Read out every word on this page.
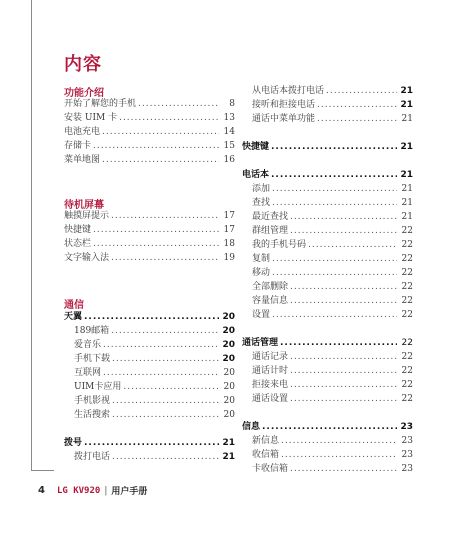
内容
功能介绍
开始了解您的手机 .....	8
安装 UIM 卡 .....	13
电池充电 .....	14
存储卡 .....	15
菜单地图 .....	16
待机屏幕
触摸屏提示 .....	17
快捷键 .....	17
状态栏 .....	18
文字输入法 .....	19
通信
天翼 .....	20
189邮箱 .....	20
爱音乐 .....	20
手机下载 .....	20
互联网 .....	20
UIM卡应用 .....	20
手机影视 .....	20
生活搜索 .....	20
拨号 .....	21
拨打电话 .....	21
从电话本拨打电话 .....	21
接听和拒接电话 .....	21
通话中菜单功能 .....	21
快捷键 .....	21
电话本 .....	21
添加 .....	21
查找 .....	21
最近查找 .....	21
群组管理 .....	22
我的手机号码 .....	22
复制 .....	22
移动 .....	22
全部删除 .....	22
容量信息 .....	22
设置 .....	22
通话管理 .....	22
通话记录 .....	22
通话计时 .....	22
拒接来电 .....	22
通话设置 .....	22
信息 .....	23
新信息 .....	23
收信箱 .....	23
卡收信箱 .....	23
4 LG KV920 | 用户手册
